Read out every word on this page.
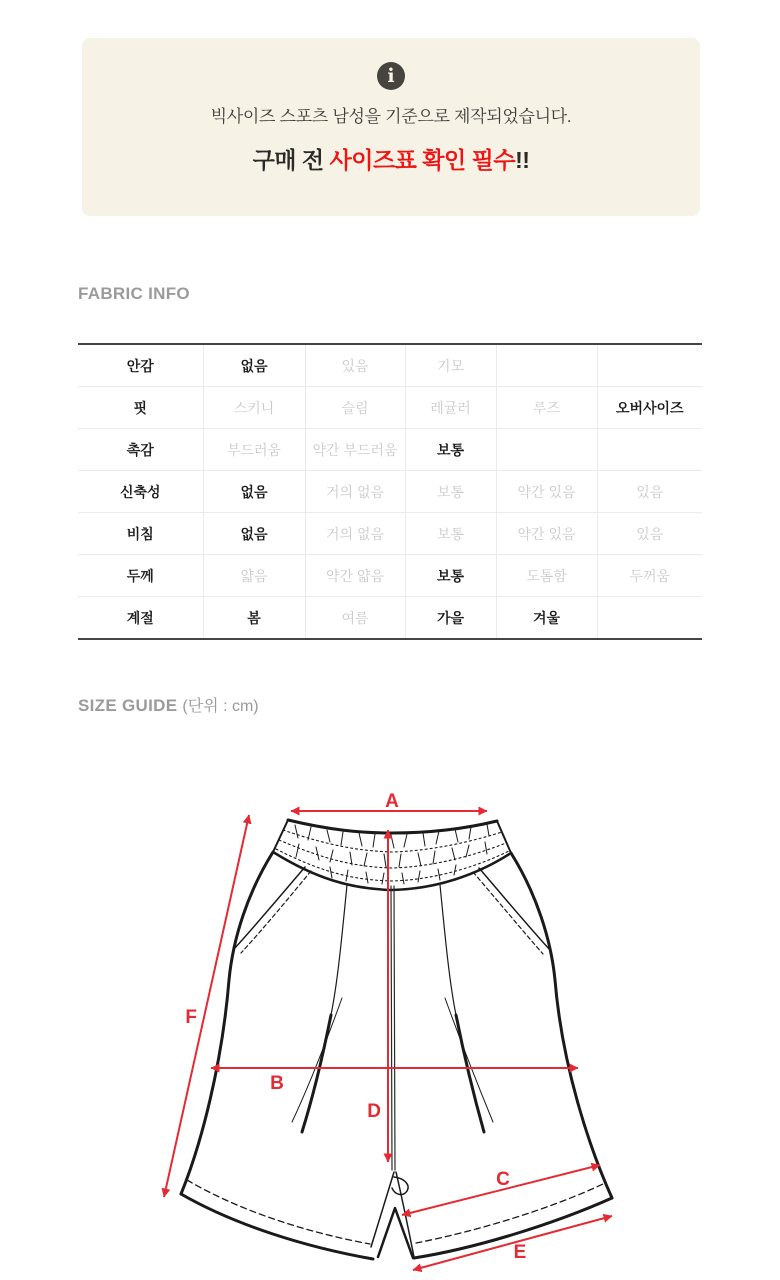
i
빅사이즈 스포츠 남성을 기준으로 제작되었습니다.
구매 전 사이즈표 확인 필수!!
FABRIC INFO
안감	없음	있음	기모		
핏	스키니	슬림	레귤러	루즈	오버사이즈
촉감	부드러움	약간 부드러움	보통		
신축성	없음	거의 없음	보통	약간 있음	있음
비침	없음	거의 없음	보통	약간 있음	있음
두께	얇음	약간 얇음	보통	도톰함	두꺼움
계절	봄	여름	가을	겨울	
SIZE GUIDE (단위 : cm)
A
B
C
D
E
F
